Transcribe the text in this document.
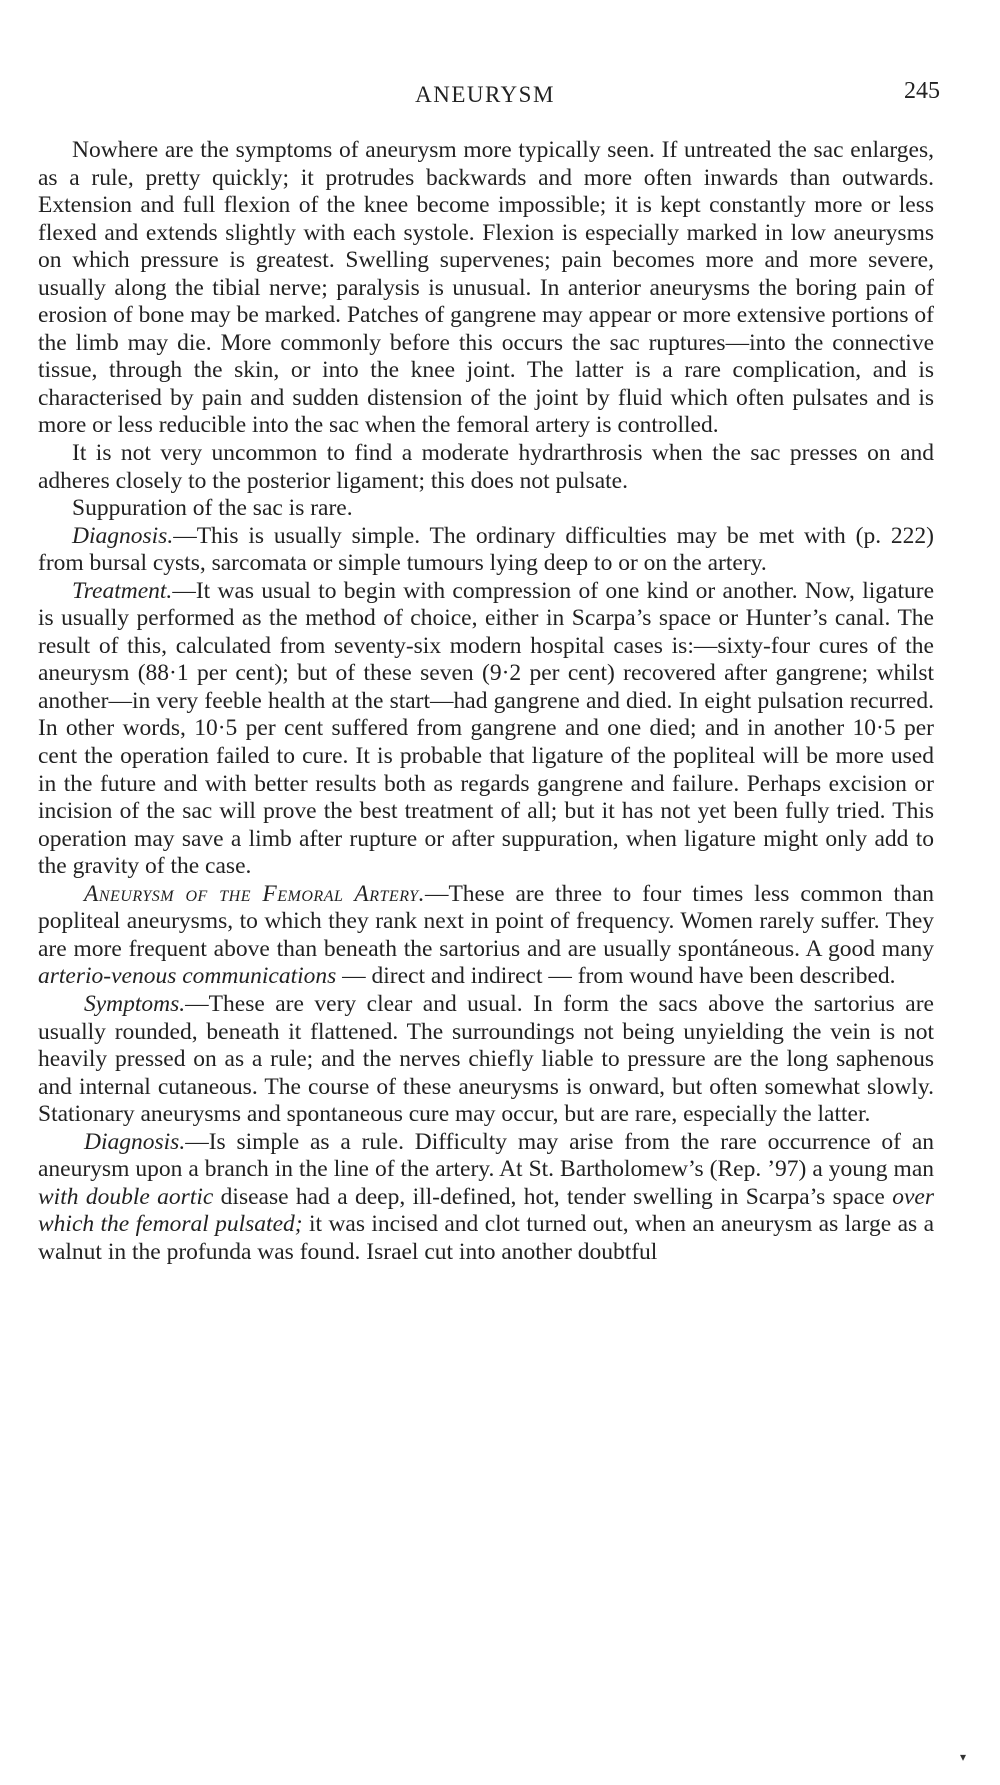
ANEURYSM	245

Nowhere are the symptoms of aneurysm more typically seen. If untreated the sac enlarges, as a rule, pretty quickly; it protrudes backwards and more often inwards than outwards. Extension and full flexion of the knee become impossible; it is kept constantly more or less flexed and extends slightly with each systole. Flexion is especially marked in low aneurysms on which pressure is greatest. Swelling supervenes; pain becomes more and more severe, usually along the tibial nerve; paralysis is unusual. In anterior aneurysms the boring pain of erosion of bone may be marked. Patches of gangrene may appear or more extensive portions of the limb may die. More commonly before this occurs the sac ruptures—into the connective tissue, through the skin, or into the knee joint. The latter is a rare complication, and is characterised by pain and sudden distension of the joint by fluid which often pulsates and is more or less reducible into the sac when the femoral artery is controlled.

It is not very uncommon to find a moderate hydrarthrosis when the sac presses on and adheres closely to the posterior ligament; this does not pulsate.

Suppuration of the sac is rare.

Diagnosis.—This is usually simple. The ordinary difficulties may be met with (p. 222) from bursal cysts, sarcomata or simple tumours lying deep to or on the artery.

Treatment.—It was usual to begin with compression of one kind or another. Now, ligature is usually performed as the method of choice, either in Scarpa’s space or Hunter’s canal. The result of this, calculated from seventy-six modern hospital cases is:—sixty-four cures of the aneurysm (88·1 per cent); but of these seven (9·2 per cent) recovered after gangrene; whilst another—in very feeble health at the start—had gangrene and died. In eight pulsation recurred. In other words, 10·5 per cent suffered from gangrene and one died; and in another 10·5 per cent the operation failed to cure. It is probable that ligature of the popliteal will be more used in the future and with better results both as regards gangrene and failure. Perhaps excision or incision of the sac will prove the best treatment of all; but it has not yet been fully tried. This operation may save a limb after rupture or after suppuration, when ligature might only add to the gravity of the case.

Aneurysm of the Femoral Artery.—These are three to four times less common than popliteal aneurysms, to which they rank next in point of frequency. Women rarely suffer. They are more frequent above than beneath the sartorius and are usually spontáneous. A good many arterio-venous communications — direct and indirect — from wound have been described.

Symptoms.—These are very clear and usual. In form the sacs above the sartorius are usually rounded, beneath it flattened. The surroundings not being unyielding the vein is not heavily pressed on as a rule; and the nerves chiefly liable to pressure are the long saphenous and internal cutaneous. The course of these aneurysms is onward, but often somewhat slowly. Stationary aneurysms and spontaneous cure may occur, but are rare, especially the latter.

Diagnosis.—Is simple as a rule. Difficulty may arise from the rare occurrence of an aneurysm upon a branch in the line of the artery. At St. Bartholomew’s (Rep. ’97) a young man with double aortic disease had a deep, ill-defined, hot, tender swelling in Scarpa’s space over which the femoral pulsated; it was incised and clot turned out, when an aneurysm as large as a walnut in the profunda was found. Israel cut into another doubtful

▾
